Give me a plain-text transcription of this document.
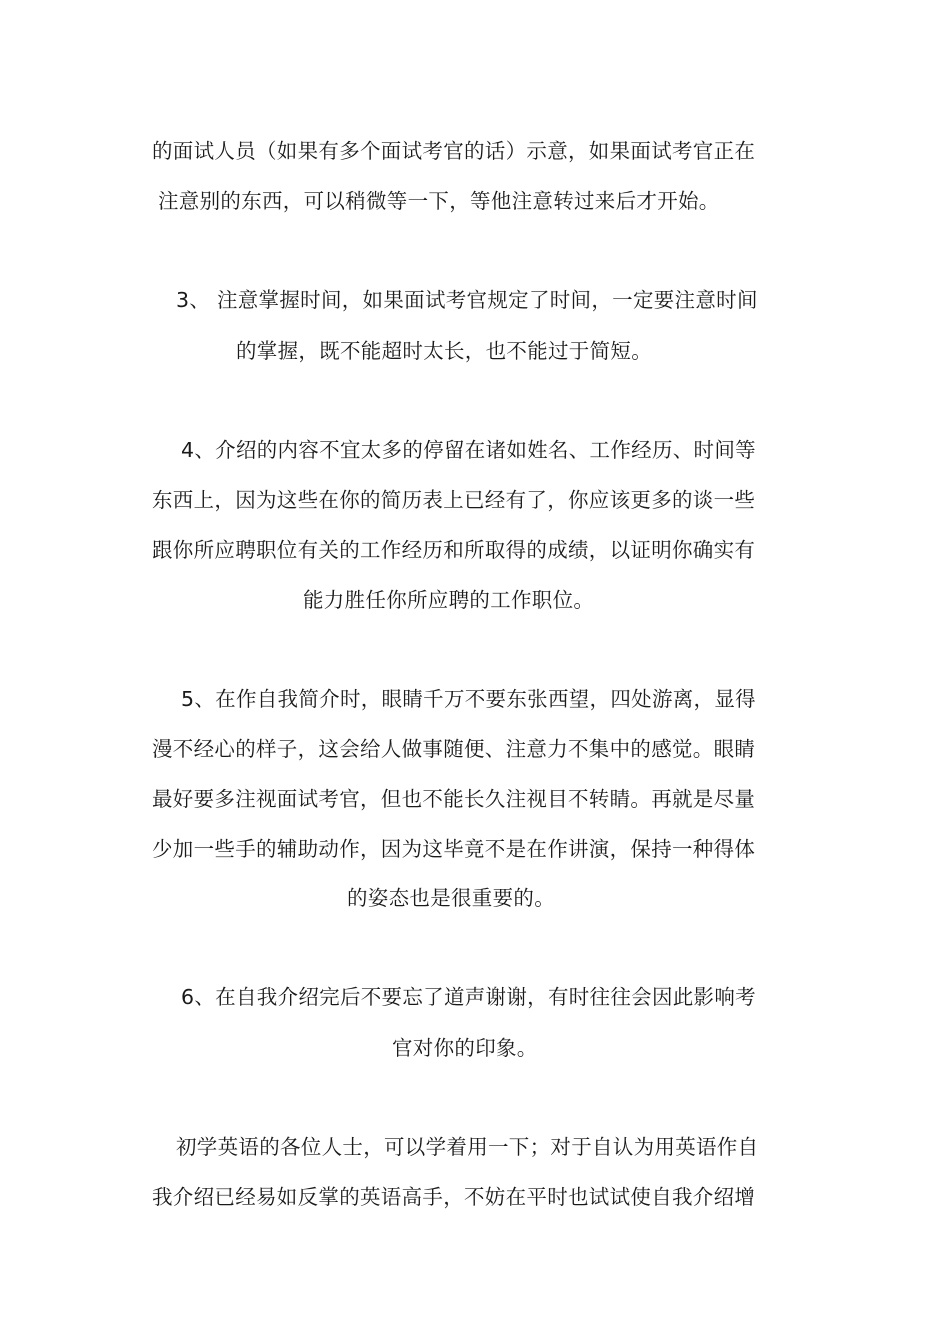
的面试人员（如果有多个面试考官的话）示意，如果面试考官正在
注意别的东西，可以稍微等一下，等他注意转过来后才开始。
3、 注意掌握时间，如果面试考官规定了时间，一定要注意时间
的掌握，既不能超时太长，也不能过于简短。
4、介绍的内容不宜太多的停留在诸如姓名、工作经历、时间等
东西上，因为这些在你的简历表上已经有了，你应该更多的谈一些
跟你所应聘职位有关的工作经历和所取得的成绩，以证明你确实有
能力胜任你所应聘的工作职位。
5、在作自我简介时，眼睛千万不要东张西望，四处游离，显得
漫不经心的样子，这会给人做事随便、注意力不集中的感觉。眼睛
最好要多注视面试考官，但也不能长久注视目不转睛。再就是尽量
少加一些手的辅助动作，因为这毕竟不是在作讲演，保持一种得体
的姿态也是很重要的。
6、在自我介绍完后不要忘了道声谢谢，有时往往会因此影响考
官对你的印象。
初学英语的各位人士，可以学着用一下；对于自认为用英语作自
我介绍已经易如反掌的英语高手，不妨在平时也试试使自我介绍增
